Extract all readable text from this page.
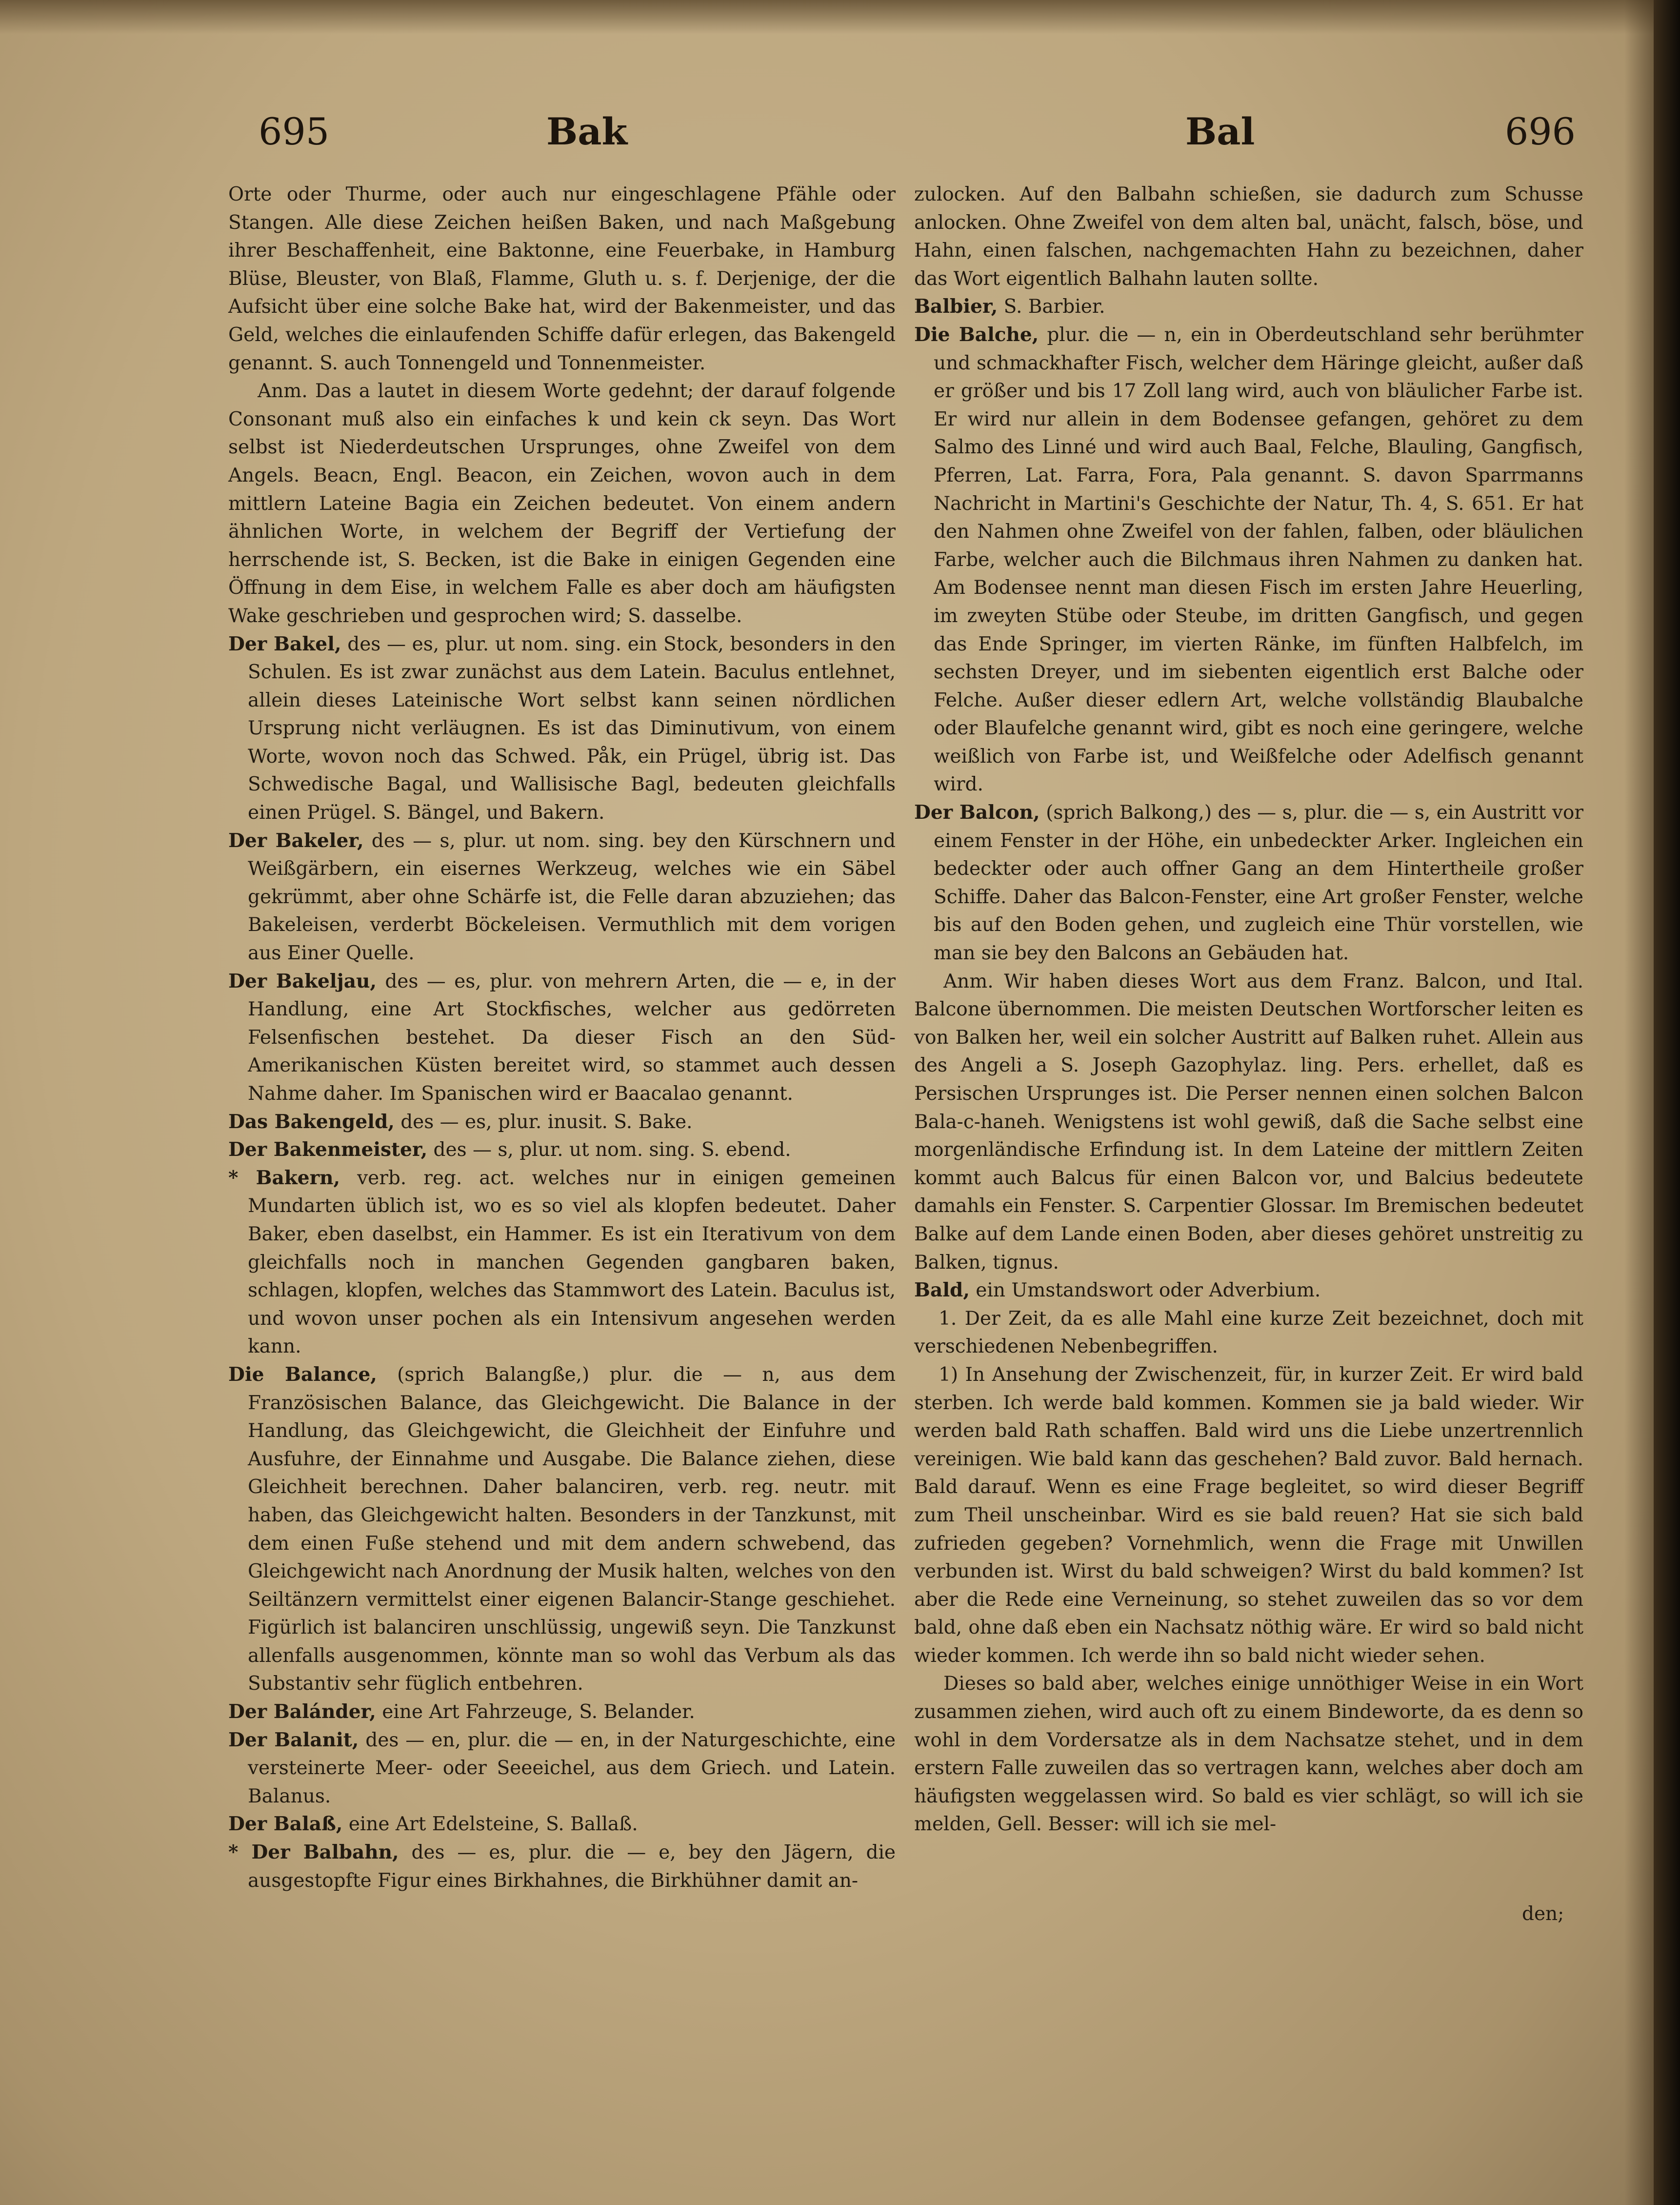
695	Bak	Bal	696

Orte oder Thurme, oder auch nur eingeschlagene Pfähle oder Stangen. Alle diese Zeichen heißen Baken, und nach Maßgebung ihrer Beschaffenheit, eine Baktonne, eine Feuerbake, in Hamburg Blüse, Bleuster, von Blaß, Flamme, Gluth u. s. f. Derjenige, der die Aufsicht über eine solche Bake hat, wird der Bakenmeister, und das Geld, welches die einlaufenden Schiffe dafür erlegen, das Bakengeld genannt. S. auch Tonnengeld und Tonnenmeister.

Anm. Das a lautet in diesem Worte gedehnt; der darauf folgende Consonant muß also ein einfaches k und kein ck seyn. Das Wort selbst ist Niederdeutschen Ursprunges, ohne Zweifel von dem Angels. Beacn, Engl. Beacon, ein Zeichen, wovon auch in dem mittlern Lateine Bagia ein Zeichen bedeutet. Von einem andern ähnlichen Worte, in welchem der Begriff der Vertiefung der herrschende ist, S. Becken, ist die Bake in einigen Gegenden eine Öffnung in dem Eise, in welchem Falle es aber doch am häufigsten Wake geschrieben und gesprochen wird; S. dasselbe.

Der Bakel, des — es, plur. ut nom. sing. ein Stock, besonders in den Schulen. Es ist zwar zunächst aus dem Latein. Baculus entlehnet, allein dieses Lateinische Wort selbst kann seinen nördlichen Ursprung nicht verläugnen. Es ist das Diminutivum, von einem Worte, wovon noch das Schwed. Påk, ein Prügel, übrig ist. Das Schwedische Bagal, und Wallisische Bagl, bedeuten gleichfalls einen Prügel. S. Bängel, und Bakern.

Der Bakeler, des — s, plur. ut nom. sing. bey den Kürschnern und Weißgärbern, ein eisernes Werkzeug, welches wie ein Säbel gekrümmt, aber ohne Schärfe ist, die Felle daran abzuziehen; das Bakeleisen, verderbt Böckeleisen. Vermuthlich mit dem vorigen aus Einer Quelle.

Der Bakeljau, des — es, plur. von mehrern Arten, die — e, in der Handlung, eine Art Stockfisches, welcher aus gedörreten Felsenfischen bestehet. Da dieser Fisch an den Süd-Amerikanischen Küsten bereitet wird, so stammet auch dessen Nahme daher. Im Spanischen wird er Baacalao genannt.

Das Bakengeld, des — es, plur. inusit. S. Bake.

Der Bakenmeister, des — s, plur. ut nom. sing. S. ebend.

* Bakern, verb. reg. act. welches nur in einigen gemeinen Mundarten üblich ist, wo es so viel als klopfen bedeutet. Daher Baker, eben daselbst, ein Hammer. Es ist ein Iterativum von dem gleichfalls noch in manchen Gegenden gangbaren baken, schlagen, klopfen, welches das Stammwort des Latein. Baculus ist, und wovon unser pochen als ein Intensivum angesehen werden kann.

Die Balance, (sprich Balangße,) plur. die — n, aus dem Französischen Balance, das Gleichgewicht. Die Balance in der Handlung, das Gleichgewicht, die Gleichheit der Einfuhre und Ausfuhre, der Einnahme und Ausgabe. Die Balance ziehen, diese Gleichheit berechnen. Daher balanciren, verb. reg. neutr. mit haben, das Gleichgewicht halten. Besonders in der Tanzkunst, mit dem einen Fuße stehend und mit dem andern schwebend, das Gleichgewicht nach Anordnung der Musik halten, welches von den Seiltänzern vermittelst einer eigenen Balancir-Stange geschiehet. Figürlich ist balanciren unschlüssig, ungewiß seyn. Die Tanzkunst allenfalls ausgenommen, könnte man so wohl das Verbum als das Substantiv sehr füglich entbehren.

Der Balánder, eine Art Fahrzeuge, S. Belander.

Der Balanit, des — en, plur. die — en, in der Naturgeschichte, eine versteinerte Meer- oder Seeeichel, aus dem Griech. und Latein. Balanus.

Der Balaß, eine Art Edelsteine, S. Ballaß.

* Der Balbahn, des — es, plur. die — e, bey den Jägern, die ausgestopfte Figur eines Birkhahnes, die Birkhühner damit an-

zulocken. Auf den Balbahn schießen, sie dadurch zum Schusse anlocken. Ohne Zweifel von dem alten bal, unächt, falsch, böse, und Hahn, einen falschen, nachgemachten Hahn zu bezeichnen, daher das Wort eigentlich Balhahn lauten sollte.

Balbier, S. Barbier.

Die Balche, plur. die — n, ein in Oberdeutschland sehr berühmter und schmackhafter Fisch, welcher dem Häringe gleicht, außer daß er größer und bis 17 Zoll lang wird, auch von bläulicher Farbe ist. Er wird nur allein in dem Bodensee gefangen, gehöret zu dem Salmo des Linné und wird auch Baal, Felche, Blauling, Gangfisch, Pferren, Lat. Farra, Fora, Pala genannt. S. davon Sparrmanns Nachricht in Martini's Geschichte der Natur, Th. 4, S. 651. Er hat den Nahmen ohne Zweifel von der fahlen, falben, oder bläulichen Farbe, welcher auch die Bilchmaus ihren Nahmen zu danken hat. Am Bodensee nennt man diesen Fisch im ersten Jahre Heuerling, im zweyten Stübe oder Steube, im dritten Gangfisch, und gegen das Ende Springer, im vierten Ränke, im fünften Halbfelch, im sechsten Dreyer, und im siebenten eigentlich erst Balche oder Felche. Außer dieser edlern Art, welche vollständig Blaubalche oder Blaufelche genannt wird, gibt es noch eine geringere, welche weißlich von Farbe ist, und Weißfelche oder Adelfisch genannt wird.

Der Balcon, (sprich Balkong,) des — s, plur. die — s, ein Austritt vor einem Fenster in der Höhe, ein unbedeckter Arker. Ingleichen ein bedeckter oder auch offner Gang an dem Hintertheile großer Schiffe. Daher das Balcon-Fenster, eine Art großer Fenster, welche bis auf den Boden gehen, und zugleich eine Thür vorstellen, wie man sie bey den Balcons an Gebäuden hat.

Anm. Wir haben dieses Wort aus dem Franz. Balcon, und Ital. Balcone übernommen. Die meisten Deutschen Wortforscher leiten es von Balken her, weil ein solcher Austritt auf Balken ruhet. Allein aus des Angeli a S. Joseph Gazophylaz. ling. Pers. erhellet, daß es Persischen Ursprunges ist. Die Perser nennen einen solchen Balcon Bala-c-haneh. Wenigstens ist wohl gewiß, daß die Sache selbst eine morgenländische Erfindung ist. In dem Lateine der mittlern Zeiten kommt auch Balcus für einen Balcon vor, und Balcius bedeutete damahls ein Fenster. S. Carpentier Glossar. Im Bremischen bedeutet Balke auf dem Lande einen Boden, aber dieses gehöret unstreitig zu Balken, tignus.

Bald, ein Umstandswort oder Adverbium.

1. Der Zeit, da es alle Mahl eine kurze Zeit bezeichnet, doch mit verschiedenen Nebenbegriffen.

1) In Ansehung der Zwischenzeit, für, in kurzer Zeit. Er wird bald sterben. Ich werde bald kommen. Kommen sie ja bald wieder. Wir werden bald Rath schaffen. Bald wird uns die Liebe unzertrennlich vereinigen. Wie bald kann das geschehen? Bald zuvor. Bald hernach. Bald darauf. Wenn es eine Frage begleitet, so wird dieser Begriff zum Theil unscheinbar. Wird es sie bald reuen? Hat sie sich bald zufrieden gegeben? Vornehmlich, wenn die Frage mit Unwillen verbunden ist. Wirst du bald schweigen? Wirst du bald kommen? Ist aber die Rede eine Verneinung, so stehet zuweilen das so vor dem bald, ohne daß eben ein Nachsatz nöthig wäre. Er wird so bald nicht wieder kommen. Ich werde ihn so bald nicht wieder sehen.

Dieses so bald aber, welches einige unnöthiger Weise in ein Wort zusammen ziehen, wird auch oft zu einem Bindeworte, da es denn so wohl in dem Vordersatze als in dem Nachsatze stehet, und in dem erstern Falle zuweilen das so vertragen kann, welches aber doch am häufigsten weggelassen wird. So bald es vier schlägt, so will ich sie melden, Gell. Besser: will ich sie mel-

den;
